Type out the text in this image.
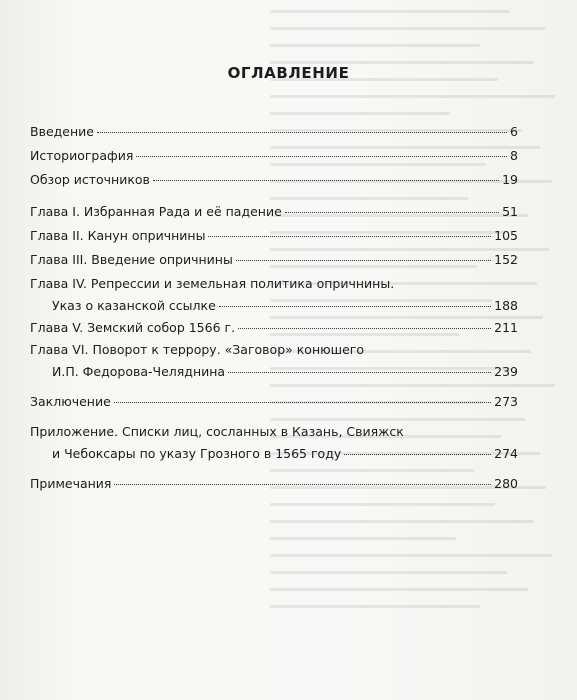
ОГЛАВЛЕНИЕ
Введение	6
Историография	8
Обзор источников	19
Глава I. Избранная Рада и её падение	51
Глава II. Канун опричнины	105
Глава III. Введение опричнины	152
Глава IV. Репрессии и земельная политика опричнины.
Указ о казанской ссылке	188
Глава V. Земский собор 1566 г.	211
Глава VI. Поворот к террору. «Заговор» конюшего
И.П. Федорова-Челяднина	239
Заключение	273
Приложение. Списки лиц, сосланных в Казань, Свияжск
и Чебоксары по указу Грозного в 1565 году	274
Примечания	280
